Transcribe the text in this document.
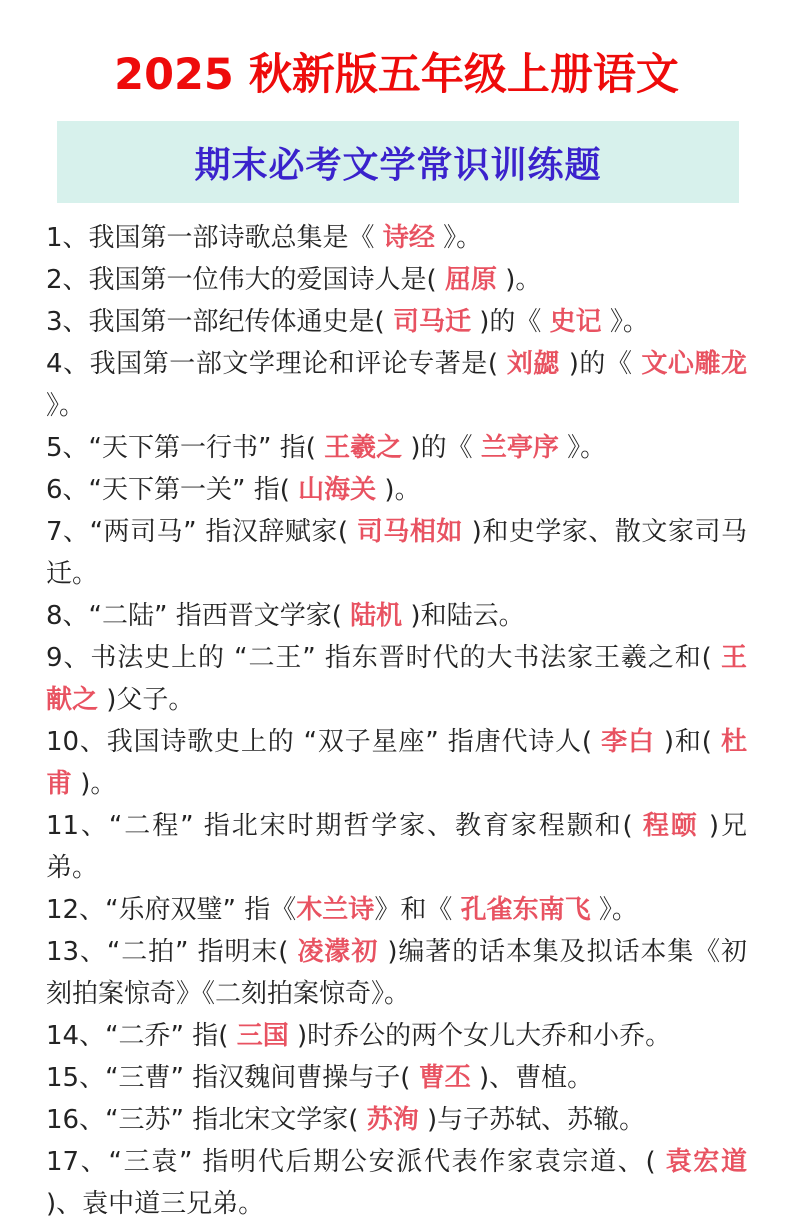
2025 秋新版五年级上册语文
期末必考文学常识训练题

1、我国第一部诗歌总集是《 诗经 》。

2、我国第一位伟大的爱国诗人是( 屈原 )。

3、我国第一部纪传体通史是( 司马迁 )的《 史记 》。

4、我国第一部文学理论和评论专著是( 刘勰 )的《 文心雕龙 》。

5、“天下第一行书” 指( 王羲之 )的《 兰亭序 》。

6、“天下第一关” 指( 山海关 )。

7、“两司马” 指汉辞赋家( 司马相如 )和史学家、散文家司马迁。

8、“二陆” 指西晋文学家( 陆机 )和陆云。

9、书法史上的 “二王” 指东晋时代的大书法家王羲之和( 王献之 )父子。

10、我国诗歌史上的 “双子星座” 指唐代诗人( 李白 )和( 杜甫 )。

11、“二程” 指北宋时期哲学家、教育家程颢和( 程颐 )兄弟。

12、“乐府双璧” 指《木兰诗》和《 孔雀东南飞 》。

13、“二拍” 指明末( 凌濛初 )编著的话本集及拟话本集《初刻拍案惊奇》《二刻拍案惊奇》。

14、“二乔” 指( 三国 )时乔公的两个女儿大乔和小乔。

15、“三曹” 指汉魏间曹操与子( 曹丕 )、曹植。

16、“三苏” 指北宋文学家( 苏洵 )与子苏轼、苏辙。

17、“三袁” 指明代后期公安派代表作家袁宗道、( 袁宏道 )、袁中道三兄弟。
